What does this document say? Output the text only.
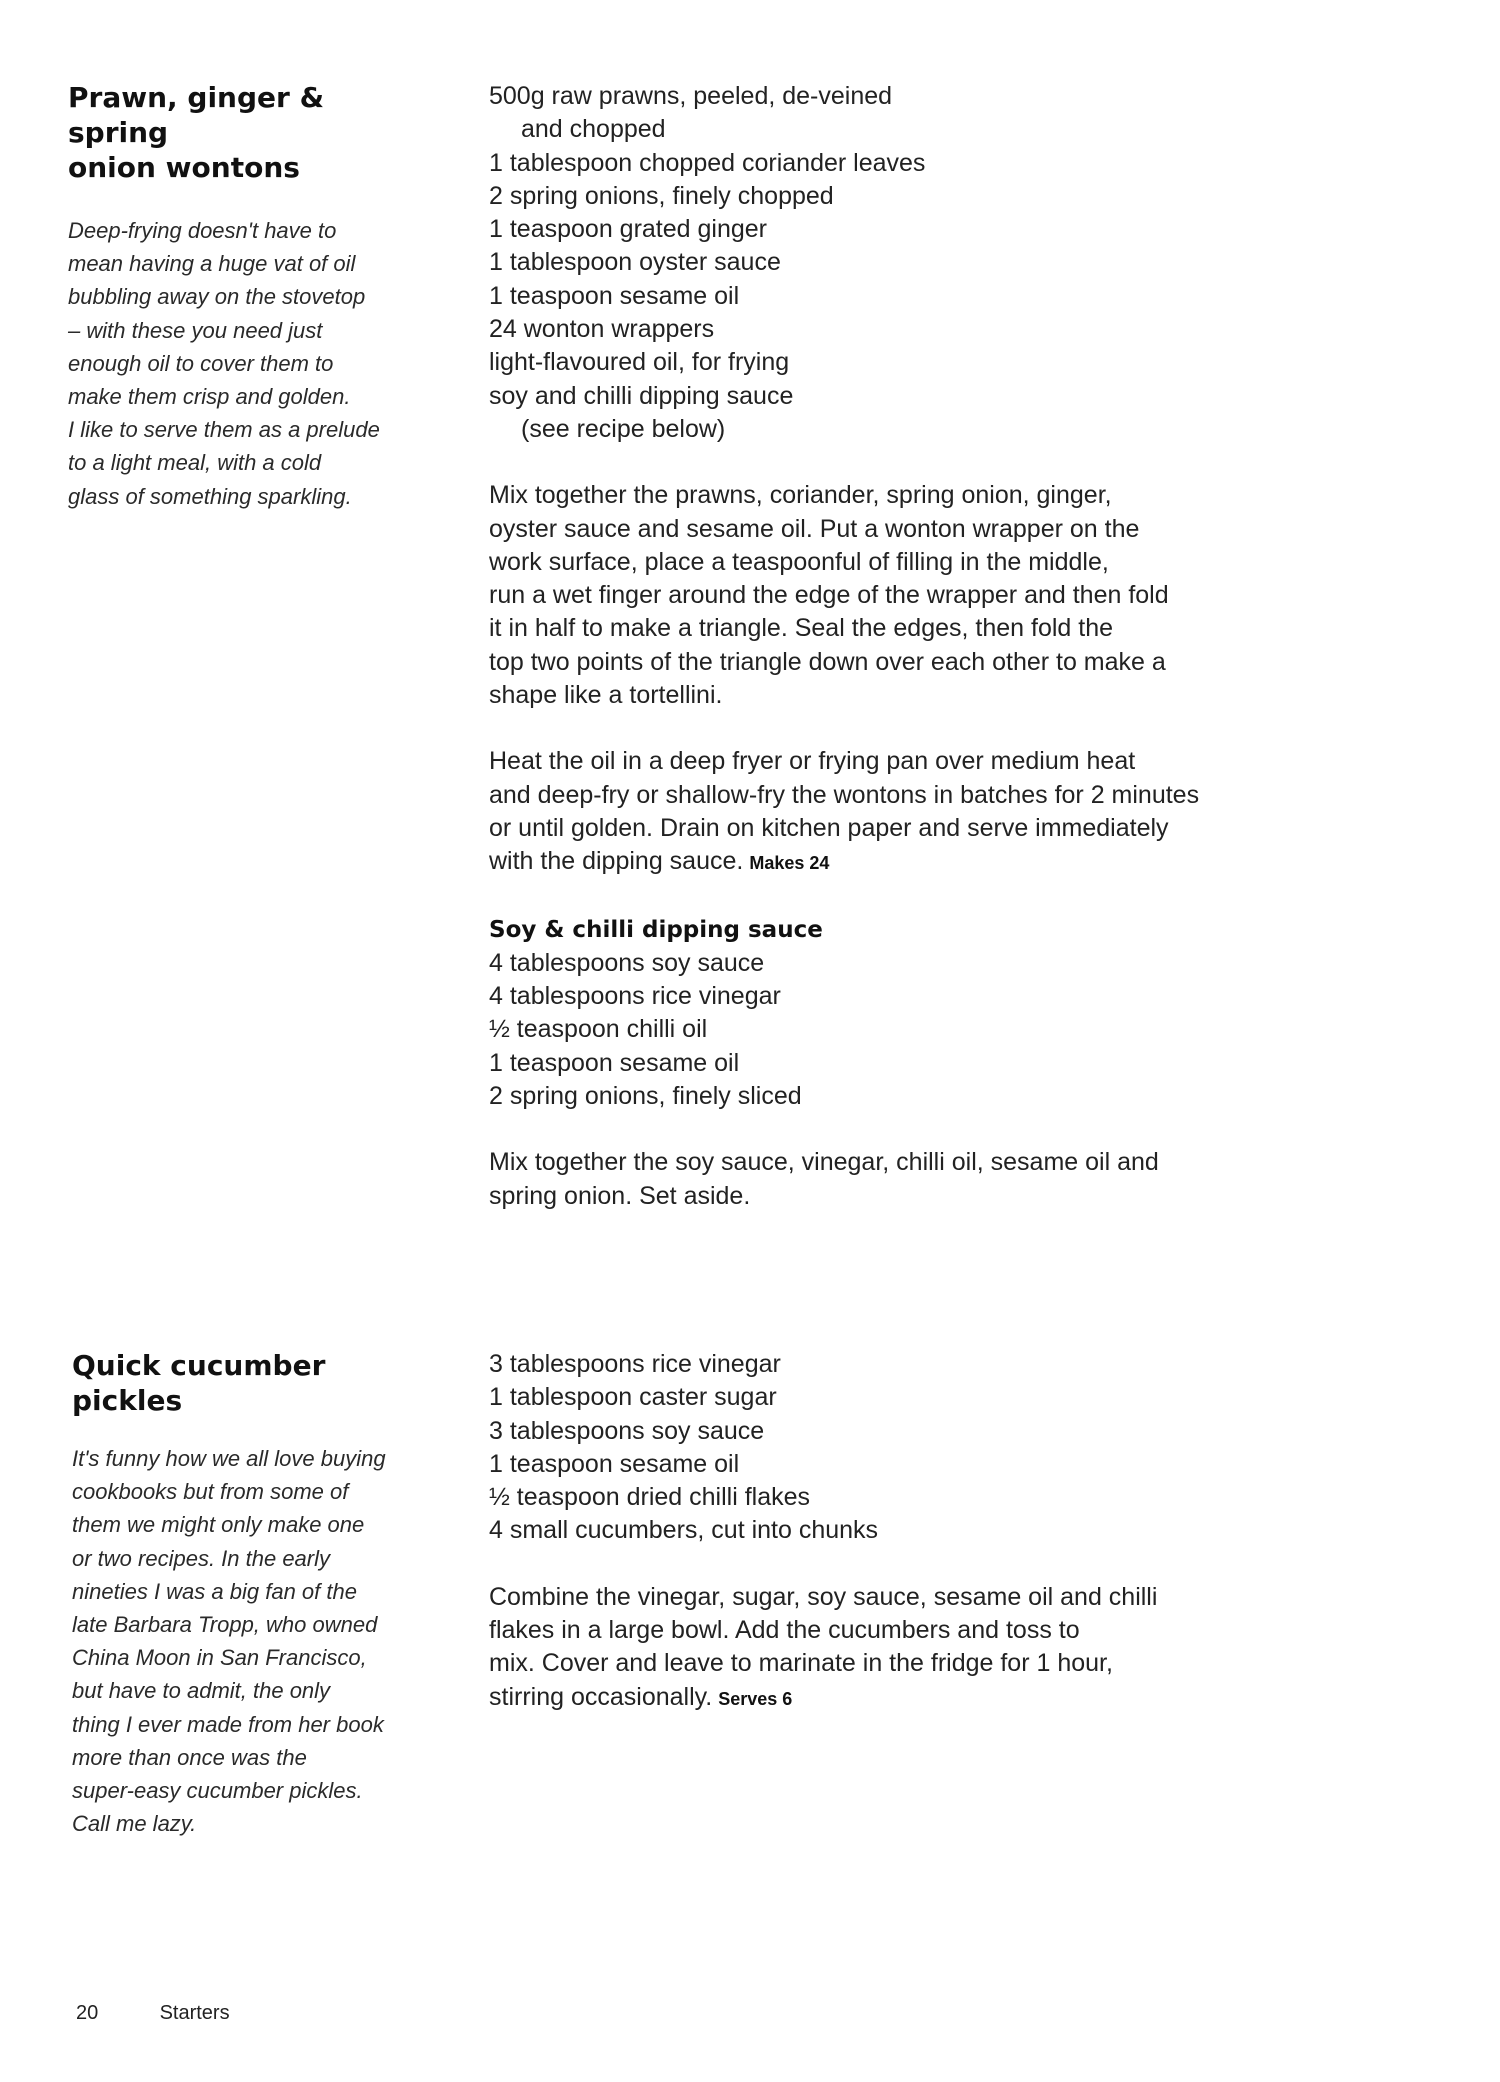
Prawn, ginger & spring
onion wontons

Deep-frying doesn't have to
mean having a huge vat of oil
bubbling away on the stovetop
– with these you need just
enough oil to cover them to
make them crisp and golden.
I like to serve them as a prelude
to a light meal, with a cold
glass of something sparkling.

500g raw prawns, peeled, de-veined
and chopped
1 tablespoon chopped coriander leaves
2 spring onions, finely chopped
1 teaspoon grated ginger
1 tablespoon oyster sauce
1 teaspoon sesame oil
24 wonton wrappers
light-flavoured oil, for frying
soy and chilli dipping sauce
(see recipe below)

Mix together the prawns, coriander, spring onion, ginger,
oyster sauce and sesame oil. Put a wonton wrapper on the
work surface, place a teaspoonful of filling in the middle,
run a wet finger around the edge of the wrapper and then fold
it in half to make a triangle. Seal the edges, then fold the
top two points of the triangle down over each other to make a
shape like a tortellini.

Heat the oil in a deep fryer or frying pan over medium heat
and deep-fry or shallow-fry the wontons in batches for 2 minutes
or until golden. Drain on kitchen paper and serve immediately
with the dipping sauce. Makes 24

Soy & chilli dipping sauce
4 tablespoons soy sauce
4 tablespoons rice vinegar
½ teaspoon chilli oil
1 teaspoon sesame oil
2 spring onions, finely sliced

Mix together the soy sauce, vinegar, chilli oil, sesame oil and
spring onion. Set aside.

Quick cucumber pickles

It's funny how we all love buying
cookbooks but from some of
them we might only make one
or two recipes. In the early
nineties I was a big fan of the
late Barbara Tropp, who owned
China Moon in San Francisco,
but have to admit, the only
thing I ever made from her book
more than once was the
super-easy cucumber pickles.
Call me lazy.

3 tablespoons rice vinegar
1 tablespoon caster sugar
3 tablespoons soy sauce
1 teaspoon sesame oil
½ teaspoon dried chilli flakes
4 small cucumbers, cut into chunks

Combine the vinegar, sugar, soy sauce, sesame oil and chilli
flakes in a large bowl. Add the cucumbers and toss to
mix. Cover and leave to marinate in the fridge for 1 hour,
stirring occasionally. Serves 6

20	Starters
